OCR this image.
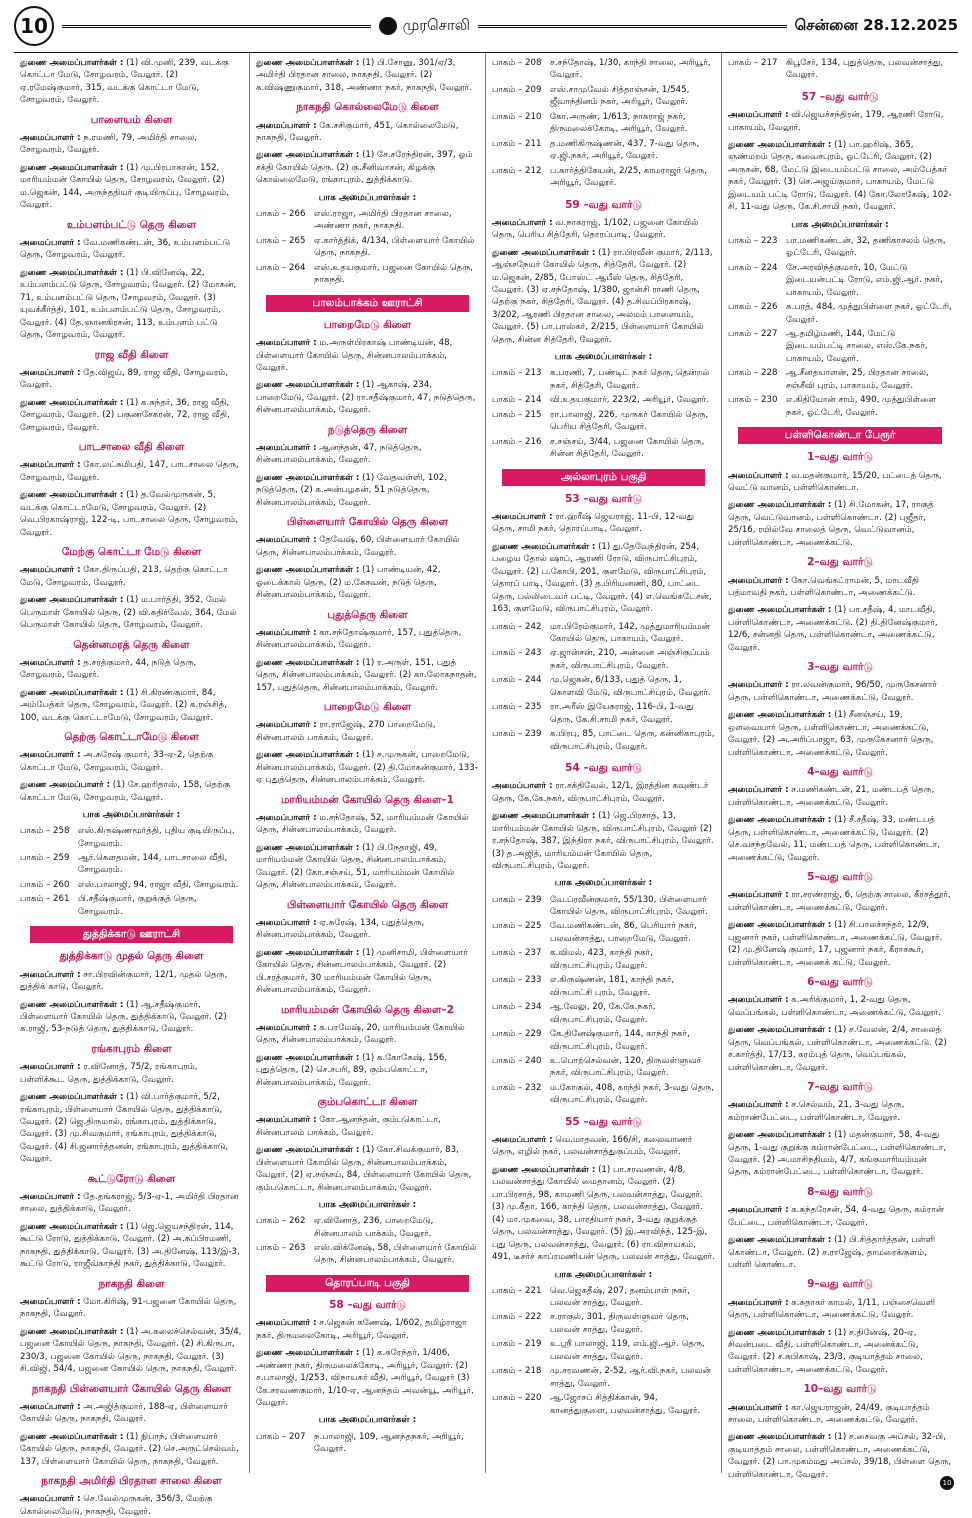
10	முரசொலி	சென்னை 28.12.2025
துணை அமைப்பாளர்கள் : (1) வி.முனி, 239, வடக்கு கொட்டா மேடு, சோழவரம், வேலூர். (2) ஏ.ரமேஷ்குமார், 315, வடக்கு கொட்டா மேடு, சோழவரம், வேலூர்.
பாளையம் கிளை
அமைப்பாளர் : ந.ரமணி, 79, அமிர்தி சாலை, சோழவரம், வேலூர்.
துணை அமைப்பாளர்கள் : (1) மு.பிரபாகரன், 152, மாரியம்மன் கோயில் தெரு, சோழவரம், வேலூர். (2) ம.ஜெகன், 144, அருந்ததியர் குடியிருப்பு, சோழவரம், வேலூர்.
உம்பளம்பட்டு தெரு கிளை
அமைப்பாளர் : வே.மணிகண்டன், 36, உம்பளம்பட்டு தெரு, சோழவரம், வேலூர்.
துணை அமைப்பாளர்கள் : (1) பி.வினேஷ், 22, உம்பளம்பட்டு தெரு, சோழவரம், வேலூர். (2) மோகன், 71, உம்பளம்பட்டு தெரு, சோழவரம், வேலூர். (3) யுவக்கீர்த்தி, 101, உம்பளம்பட்டு தெரு, சோழவரம், வேலூர். (4) தே.ஞானகிரசன், 113, உம்பளம் பட்டு தெரு, சோழவரம், வேலூர்.
ராஜ வீதி கிளை
அமைப்பாளர் : தே.விஜய், 89, ராஜ வீதி, சோழவரம், வேலூர்.
துணை அமைப்பாளர்கள் : (1) க.சுந்தர், 36, ராஜ வீதி, சோழவரம், வேலூர். (2) பகுணசேகரன், 72, ராஜ வீதி, சோழவரம், வேலூர்.
பாடசாலை வீதி கிளை
அமைப்பாளர் : கோ.லட்சுமிபதி, 147, பாடசாலை தெரு, சோழவரம், வேலூர்.
துணை அமைப்பாளர்கள் : (1) த.வேல்முருகன், 5, வடக்கு கொட்டாமேடு, சோழவரம், வேலூர். (2) வெ.பிரகாஷ்ராஜ், 122-டி, பாடசாலை தெரு, சோழவரம், வேலூர்.
மேற்கு கொட்டா மேடு கிளை
அமைப்பாளர் : கோ.திருப்பதி, 213, தெற்கு கொட்டா மேடு, சோழவரம், வேலூர்.
துணை அமைப்பாளர்கள் : (1) ம.பார்த்தி, 352, மேல் பெருமாள் கோயில் தெரு, (2) வி.கதிர்வேல், 364, மேல் பெருமாள் கோயில் தெரு, சோழவரம், வேலூர்.
தென்னமரத் தெரு கிளை
அமைப்பாளர் : த.சரத்குமார், 44, நடுத் தெரு, சோழவரம், வேலூர்.
துணை அமைப்பாளர்கள் : (1) சி.கிரண்குமார், 84, அம்பேத்கர் தெரு, சோழவரம், வேலூர். (2) க.ரஞ்சித், 100, வடக்கு கொட்டாமேடு, சோழவரம், வேலூர்.
தெற்கு கொட்டாமேடு கிளை
அமைப்பாளர் : அ.சுரேஷ் குமார், 33-ஏ-2, தெற்கு கொட்டா மேடு, சோழவரம், வேலூர்.
துணை அமைப்பாளர் : (1) சே.ஹரிதாஸ், 158, தெற்கு கொட்டா மேடு, சோழவரம், வேலூர்.
பாக அமைப்பாளர்கள் :
பாகம் – 258	எஸ்.கிருஷ்ணமூர்த்தி, புதிய குடியிருப்பு, சோழவரம்.
பாகம் – 259	ஆர்.கௌதமன், 144, பாடசாலை வீதி, சோழவரம்.
பாகம் – 260	எஸ்.பாலாஜி, 94, ராஜா வீதி, சோழவரம்.
பாகம் – 261	பி.சதீஷ்குமார், குறுக்குத் தெரு, சோழவரம்.
துத்திக்காடு ஊராட்சி
துத்திக்காடு முதல் தெரு கிளை
அமைப்பாளர் : சா.பிரவின்குமார், 12/1, முதல் தெரு, துத்திக் காடு, வேலூர்.
துணை அமைப்பாளர்கள் : (1) ஆ.சதீஷ்குமார், பிள்ளையார் கோயில் தெரு, துத்திக்காடு, வேலூர். (2) க.ராஜி, 53-நடுத் தெரு, துத்திக்காடு, வேலூர்.
ரங்காபுரம் கிளை
அமைப்பாளர் : ர.வினோத், 75/2, ரங்காபுரம், பள்ளிக்கூட தெரு, துத்திக்காடு, வேலூர்.
துணை அமைப்பாளர்கள் : (1) வி.பார்த்குமார், 5/2, ரங்காபுரம், பிள்ளையார் கோயில் தெரு, துத்திக்காடு, வேலூர். (2) ஜெ.திருமால், ரங்காபுரம், துத்திக்காடு, வேலூர். (3) மு.சிவகுமார், ரங்காபுரம், துத்திக்காடு, வேலூர். (4) சி.ஜனார்த்தனன், ரங்காபுரம், துத்திக்காடு, வேலூர்.
கூட்டுரோடு கிளை
அமைப்பாளர் : தே.தங்கராஜ், 5/3-ஏ-1, அமிர்தி பிரதான சாலை, துத்திக்காடு, வேலூர்.
துணை அமைப்பாளர்கள் : (1) ஜெ.ஜெயசந்திரன், 114, கூட்டு ரோடு, துத்திக்காடு, வேலூர். (2) அ.சுப்பிரமணி, நாகநதி, துத்திக்காடு, வேலூர். (3) அ.தினேஷ், 113/இ-3, கூட்டு ரோடு, ராஜீவ்காந்தி நகர், துத்திக்காடு, வேலூர்.
நாகநதி கிளை
அமைப்பாளர் : மோ.கிரிஷ், 91-பஜனை கோயில் தெரு, நாகநதி, வேலூர்.
துணை அமைப்பாளர்கள் : (1) அ.கலைச்செல்வன், 35/4, பஜனை கோயில் தெரு, நாகநதி, வேலூர். (2) சி.கிருபா, 230/3, பஜனை கோயில் தெரு, நாகநதி, வேலூர். (3) சி.விஜி, 54/4, பஜனை கோயில் தெரு, நாகநதி, வேலூர்.
நாகநதி பிள்ளையார் கோயில் தெரு கிளை
அமைப்பாளர் : அ.அஜித்குமார், 188-ஏ, பிள்ளையார் கோயில் தெரு, நாகநதி, வேலூர்.
துணை அமைப்பாளர்கள் : (1) நிபாந், பிள்ளையார் கோயில் தெரு, நாகநதி, வேலூர். (2) செ.அருட்செல்வம், 137, பிள்ளையார் கோயில் தெரு, நாகநதி, வேலூர்.
நாகநதி அமிர்தி பிரதான சாலை கிளை
அமைப்பாளர் : செ.வேல்முருகன், 356/3, மேற்கு கொல்லைமேடு, நாகநதி, வேலூர்.
துணை அமைப்பாளர்கள் : (1) பி.சோனு, 301/ஏ/3, அமிர்தி பிரதான சாலை, நாகநதி, வேலூர். (2) க.விஷ்ணுகுமார், 318, அண்ணா நகர், நாகநதி, வேலூர்.
நாகநதி கொல்லைமேடு கிளை
அமைப்பாளர் : கே.சசிகுமார், 451, கொல்லைமேடு, நாகநதி, வேலூர்.
துணை அமைப்பாளர்கள் : (1) சே.சரேந்திரன், 397, ஓம் சக்தி கோயில் தெரு. (2) கு.சீனிவாசன், கிழக்கு கொல்லைமேடு, ரங்காபுரம், துத்திக்காடு.
பாக அமைப்பாளர்கள் :
பாகம் – 266	எஸ்.ராஜா, அமிர்தி பிரதான சாலை, அண்ணா நகர், நாகநதி.
பாகம் – 265	ஏ.கார்த்திக், 4/134, பிள்ளையார் கோயில் தெரு, நாகநதி.
பாகம் – 264	எஸ்.உதயகுமார், பஜனை கோயில் தெரு, நாகநதி.
பாலம்பாக்கம் ஊராட்சி
பாறைமேடு கிளை
அமைப்பாளர் : ம.அருள்பிரகாஷ் பாண்டியன், 48, பிள்ளையார் கோயில் தெரு, சின்னபாலம்பாக்கம், வேலூர்.
துணை அமைப்பாளர்கள் : (1) ஆகாஷ், 234, பாறைமேடு, வேலூர். (2) ரா.சதீஷ்குமார், 47, நடுத்தெரு, சின்னபாலம்பாக்கம், வேலூர்.
நடுத்தெரு கிளை
அமைப்பாளர் : ஆனந்தன், 47, நடுத்தெரு, சின்னபாலம்பாக்கம், வேலூர்.
துணை அமைப்பாளர்கள் : (1) வேதவள்ளி, 102, நடுத்தெரு, (2) க.அன்பழகன், 51 நடுத்தெரு, சின்னபாலம்பாக்கம், வேலூர்.
பிள்ளையார் கோயில் தெரு கிளை
அமைப்பாளர் : தேவேஷ், 60, பிள்ளையார் கோயில் தெரு, சின்னபாலம்பாக்கம், வேலூர்.
துணை அமைப்பாளர்கள் : (1) பாண்டியன், 42, ஓடைக்கால் தெரு, (2) ம.கேசவன், நடுத் தெரு, சின்னபாலம்பாக்கம், வேலூர்.
புதுத்தெரு கிளை
அமைப்பாளர் : கா.சந்தோஷ்குமார், 157, புதுத்தெரு, சின்னபாலம்பாக்கம், வேலூர்.
துணை அமைப்பாளர்கள் : (1) ர.அருள், 151, புதுத் தெரு, சின்னபாலம்பாக்கம், வேலூர். (2) கா.லோகநாதன், 157, புதுத்தெரு, சின்னபாலம்பாக்கம், வேலூர்.
பாறைமேடு கிளை
அமைப்பாளர் : ரா.ராஜேஷ், 270 பாறைமேடு, சின்னபாலம் பாக்கம், வேலூர்.
துணை அமைப்பாளர்கள் : (1) ச.முருகன், பாறைமேடு, சின்னபாலம்பாக்கம், வேலூர். (2) தி.மோகன்குமார், 133-ஏ புதுத்தெரு, சின்னபாலம்பாக்கம், வேலூர்.
மாரியம்மன் கோயில் தெரு கிளை–1
அமைப்பாளர் : ம.சந்தோஷ், 52, மாரியம்மன் கோயில் தெரு, சின்னபாலம்பாக்கம், வேலூர்.
துணை அமைப்பாளர்கள் : (1) பி.நேதாஜி, 49, மாரியம்மன் கோயில் தெரு, சின்னபாலம்பாக்கம், வேலூர். (2) கோ.சஞ்சய், 51, மாரியம்மன் கோயில் தெரு, சின்னபாலம்பாக்கம், வேலூர்.
பிள்ளையார் கோயில் தெரு கிளை
அமைப்பாளர் : ஏ.சுரேஷ், 134, புதுத்தெரு, சின்னபாலம்பாக்கம், வேலூர்.
துணை அமைப்பாளர்கள் : (1) முனிசாமி, பிள்ளையார் கோயில் தெரு, சின்னபாலம்பாக்கம், வேலூர். (2) பி.சரத்குமார், 30 மாரியம்மன் கோயில் தெரு, சின்னபாலம்பாக்கம், வேலூர்.
மாரியம்மன் கோயில் தெரு கிளை–2
அமைப்பாளர் : க.பரமேஷ், 20, மாரியம்மன் கோயில் தெரு, சின்னபாலம்பாக்கம், வேலூர்.
துணை அமைப்பாளர்கள் : (1) க.கோகேஷ், 156, புதுத்தெரு, (2) செ.சபரி, 89, கும்பகொட்டா, சின்னபாலம்பாக்கம், வேலூர்.
கும்பகொட்டா கிளை
அமைப்பாளர் : கோ.ஆனந்தன், கும்பகொட்டா, சின்னபாலம் பாக்கம், வேலூர்.
துணை அமைப்பாளர்கள் : (1) கோ.சிவக்குமார், 83, பிள்ளையார் கோயில் தெரு, சின்னபாலம்பாக்கம், வேலூர். (2) ஏ.சஞ்சய், 84, பிள்ளையார் கோயில் தெரு, கும்பகொட்டா, சின்னபாலம்பாக்கம், வேலூர்.
பாக அமைப்பாளர்கள் :
பாகம் – 262	ஏ.வினோத், 236, பாறைமேடு, சின்னபாலம் பாக்கம், வேலூர்.
பாகம் – 263	எஸ்.விக்னேஷ், 58, பிள்ளையார் கோயில் தெரு, சின்னபாலம்பாக்கம், வேலூர்.
தொரப்பாடி பகுதி
58 –வது வார்டு
அமைப்பாளர் : ச.ஜெகன் கணேஷ், 1/602, தமிழ்ராஜா நகர், திருமலைகோடி, அரியூர், வேலூர்.
துணை அமைப்பாளர்கள் : (1) க.சுரேந்தர், 1/406, அண்ணா நகர், திருமலைக்கோடி, அரியூர், வேலூர். (2) ச.பாலாஜி, 1/253, விநாயகர் வீதி, அரியூர், வேலூர் (3) கே.சரவணகுமார், 1/10-ஏ, ஆனந்தம் அவன்யூ, அரியூர், வேலூர்.
பாக அமைப்பாளர்கள் :
பாகம் – 207	ந.பாலாஜி, 109, ஆனந்தநகர், அரியூர், வேலூர்.
பாகம் – 208	ச.சந்தோஷ், 1/30, காந்தி சாலை, அரியூர், வேலூர்.
பாகம் – 209	எஸ்.சாமுவேல் சித்தாஞ்சன், 1/545, ஜீவாந்தினம் நகர், அரியூர், வேலூர்.
பாகம் – 210	கோ.அருண், 1/613, நாகராஜ் நகர், திருமலைக்கோடி, அரியூர், வேலூர்.
பாகம் – 211	த.மணிகிருஷ்ணன், 437, 7-வது தெரு, ஏ.ஜி.நகர், அரியூர், வேலூர்.
பாகம் – 212	ப.கார்த்திகேயன், 2/25, காமராஜர் தெரு, அரியூர், வேலூர்.
59 –வது வார்டு
அமைப்பாளர் : வ.நாகராஜ், 1/102, பஜனை கோயில் தெரு, பெரிய சித்தேரி, தொரப்பாடி, வேலூர்.
துணை அமைப்பாளர்கள் : (1) ரா.பிரவீன் குமார், 2/113, ஆஞ்சநேயர் கோயில் தெரு, சித்தேரி, வேலூர். (2) ம.ஜெகன், 2/85, போஸ்ட் ஆபீஸ் தெரு, சித்தேரி, வேலூர். (3) ஏ.சந்தோஷ், 1/380, ஜான்சி ராணி தெரு, தெற்கு நகர், சித்தேரி, வேலூர். (4) த.சிவப்பிரகாஷ், 3/202, ஆரணி பிரதான சாலை, அலமம் பாளையம், வேலூர். (5) பா.பாஸ்கர், 2/215, பிள்ளையார் கோயில் தெரு, சின்ன சித்தேரி, வேலூர்.
பாக அமைப்பாளர்கள் :
பாகம் – 213	க.பரணி, 7, பண்டிட் நகர் தெரு, தென்றல் நகர், சித்தேரி, வேலூர்.
பாகம் – 214	வி.உதயகுமார், 223/2, அரியூர், வேலூர்.
பாகம் – 215	ரா.பாலாஜி, 226, முருகர் கோயில் தெரு, பெரிய சித்தேரி, வேலூர்.
பாகம் – 216	ச.சஞ்சய், 3/44, பஜனை கோயில் தெரு, சின்ன சித்தேரி, வேலூர்.
அல்லாபுரம் பகுதி
53 –வது வார்டு
அமைப்பாளர் : ரா.ஹரீஷ் ஜெயராஜ், 11-பி, 12-வது தெரு, சாமி நகர், தொரப்பாடி, வேலூர்.
துணை அமைப்பாளர்கள் : (1) து.தேவேந்திரன், 254, பழைய தோல் ஷாப், ஆரணி ரோடு, விருபாட்சிபுரம், வேலூர். (2) ப.கோபி, 201, குளமேடு, விருபாட்சிபுரம், தொரப் பாடி, வேலூர். (3) த.பிரியனணி, 80, பாட்டை தெரு, பல்லிடைவர் பட்டி, வேலூர். (4) எ.வெங்கடேசன், 163, குளமேடு, விருபாட்சிபுரம், வேலூர்.
பாகம் – 242	மா.பிரேம்குமார், 142, முத்துமாரியம்மன் கோயில் தெரு, பாகாயம், வேலூர்.
பாகம் – 243	ஏ.ஜான்சன், 210, அன்னை அஞ்சிகுப்பம் நகர், விருபாட்சிபுரம், வேலூர்.
பாகம் – 244	மு.ஜெகன், 6/133, புதுத் தெரு, 1, கொளவி மேடு, விருபாட்சிபுரம், வேலூர்.
பாகம் – 235	ரா.அரீஸ் இயேசுராஜ், 116-பி, 1-வது தெரு, கே.சி.சாமி நகர், வேலூர்.
பாகம் – 239	க.பிரபு, 85, பாட்டை தெரு, கன்னிகாபுரம், விருபாட்சிபுரம், வேலூர்.
54 –வது வார்டு
அமைப்பாளர் : ரா.சக்திவேல், 12/1, இரத்தின கவுண்டர் தெரு, கே.கே.நகர், விருபாட்சிபுரம், வேலூர்.
துணை அமைப்பாளர்கள் : (1) ஜெ.பிரசாத், 13, மாரியம்மன் கோயில் தெரு, விருபாட்சிபுரம், வேலூர் (2) ர.சந்தோஷ், 387, இந்திரா நகர், விருபாட்சிபுரம், வேலூர். (3) த.அஜித், மாரியம்மன் கோயில் தெரு, விருபாட்சிபுரம், வேலூர்.
பாக அமைப்பாளர்கள் :
பாகம் – 239	வே.ப்ரவீன்குமார், 55/130, பிள்ளையார் கோயில் தெரு, விருபாட்சிபுரம், வேலூர்.
பாகம் – 225	வே.மணிகண்டன், 86, பெரியார் நகர், பலவன்சாத்து, பாறைமேடு, வேலூர்.
பாகம் – 237	க.விமல், 423, காந்தி நகர், விருபாட்சிபுரம், வேலூர்.
பாகம் – 233	எ.கிருஷ்ணன், 181, காந்தி நகர், விருபாட்சி புரம், வேலூர்.
பாகம் – 234	ஆ.வேலு, 20, கே.கே.நகர், விருபாட்சிபுரம், வேலூர்.
பாகம் – 229	கே.தினேஷ்குமார், 144, காந்தி நகர், விருபாட்சிபுரம், வேலூர்.
பாகம் – 240	உ.பொற்செல்வன், 120, திருவள்ளுவர் நகர், விருபாட்சிபுரம், வேலூர்.
பாகம் – 232	ம.கோகுல், 408, காந்தி நகர், 3-வது தெரு, விருபாட்சிபுரம், வேலூர்.
55 –வது வார்டு
அமைப்பாளர் : வெ.மாதவன், 166/சி, கலைவாணர் தெரு, எழில் நகர், பலவன்சாத்துகுப்பம், வேலூர்.
துணை அமைப்பாளர்கள் : (1) பா.சரவணன், 4/8, பலவன்சாத்து கோயில் மைதானம், வேலூர். (2) பா.பிரசாத், 98, காமணி தெரு, பலவன்சாத்து, வேலூர். (3) மு.கீதா, 166, காந்தி தெரு, பலவன்சாத்து, வேலூர். (4) மா.முகவை, 38, பாரதியார் நகர், 3-வது குறுக்குத் தெரு, பலவன்சாத்து, வேலூர். (5) இ.அரவிந்த், 125-இ, புது தெரு, பலவன்சாத்து, வேலூர். (6) ரா.விநாயகம், 491, டீசர்ச் காப்ரமணியன் தெரு, பலவன் சாத்து, வேலூர்.
பாக அமைப்பாளர்கள் :
பாகம் – 221	வெ.ஜெகதீஷ், 207, தனம்பாள் நகர், பலவன் சாத்து, வேலூர்.
பாகம் – 222	ச.ராகுல், 301, திருவள்ளுவர் தெரு, பலவன் சாத்து, வேலூர்.
பாகம் – 219	உ.ஸ்ரீ பாலாஜி, 119, எம்.ஜி.ஆர். தெரு, பலவன் சாத்து, வேலூர்.
பாகம் – 218	மு.சரவணன், 2-52, ஆர்.வி.நகர், பலவன் சாத்து, வேலூர்.
பாகம் – 220	ஆ.ஜோசப் சித்திக்கான், 94, கானத்துகுளை, பலவன்சாத்து, வேலூர்.
பாகம் – 217	கிபூசேர், 134, புதுத்தெரு, பலவன்சாத்து, வேலூர்.
57 –வது வார்டு
அமைப்பாளர் : வி.ஜெயச்சந்திரன், 179, ஆரணி ரோடு, பாகாயம், வேலூர்.
துணை அமைப்பாளர்கள் : (1) பா.ஹரிஷ், 365, ஞண்மறம் தெரு, சுவைசபுரம், ஓட்டேரி, வேலூர். (2) அருகன், 68, மேட்டு இடையம்பட்டு சாலை, அம்பேத்கர் நகர், வேலூர். (3) செ.அஜய்குமார், பாகாயம், மேட்டு இடையம் பட்டி ரோடு, வேலூர். (4) கோ.லோகேஷ், 102-சி, 11-வது தெரு, கே.சி.சாமி நகர், வேலூர்.
பாக அமைப்பாளர்கள் :
பாகம் – 223	பா.மணிகண்டன், 32, தணிகாசலம் தெரு, ஓட்டேரி, வேலூர்.
பாகம் – 224	சே.அரவிந்த்குமார், 10, மேட்டு இடையன்பட்டி ரோடு, எம்.ஜி.ஆர். நகர், பாகாயம், வேலூர்.
பாகம் – 226	சு.பரத், 484, முத்துபிள்ளை நகர், ஓட்டேரி, வேலூர்.
பாகம் – 227	ஆ.தமிழ்மணி, 144, மேட்டு இடையம்பட்டி சாலை, எஸ்.கே.நகர், பாகாயம், வேலூர்.
பாகம் – 228	ஆ.சீனதயாளன், 25, பிரதான சாலை, சஞ்சீவி புரம், பாகாயம், வேலூர்.
பாகம் – 230	எ.கிதியோன் சாம், 490, முத்துபிள்ளை நகர், ஓட்டேரி, வேலூர்.
பள்ளிகொண்டா பேரூர்
1–வது வார்டு
அமைப்பாளர் : வ.மதன்குமார், 15/20, பட்டைத் தெரு, வெட்டு வானம், பள்ளிகொண்டா.
துணை அமைப்பாளர்கள் : (1) சி.மோகன், 17, ராகுத் தெரு, வெட்டுவானம், பள்ளிகொண்டா. (2) புஜீதர், 25/16, ரயில்வே சாலைத் தெரு, வெட்டுவானம், பள்ளிகொண்டா, அணைக்கட்டு.
2–வது வார்டு
அமைப்பாளர் : கோ.வெங்கட்ராமன், 5, மாடவீதி பத்மாவதி நகர், பள்ளிகொண்டா, அணைக்கட்டு.
துணை அமைப்பாளர்கள் : (1) பா.சதீஷ், 4, மாடவீதி, பள்ளிகொண்டா, அணைக்கட்டு. (2) தி.தினேஷ்குமார், 12/6, சன்னதி தெரு, பள்ளிகொண்டா, அணைக்கட்டு, வேலூர்.
3–வது வார்டு
அமைப்பாளர் : ரா.லவன்குமார், 96/50, முருகேசனார் தெரு, பள்ளிகொண்டா, அணைக்கட்டு, வேலூர்.
துணை அமைப்பாளர்கள் : (1) சீனஞ்சய், 19, ஒளவையார் தெரு, பள்ளிகொண்டா, அணைக்கட்டு, வேலூர். (2) அ.அரிப்பாஜா, 63, முருகேசனார் தெரு, பள்ளிகொண்டா, அணைக்கட்டு, வேலூர்.
4–வது வார்டு
அமைப்பாளர் : ச.மணிகண்டன், 21, மண்டபத் தெரு, பள்ளிகொண்டா, அணைக்கட்டு, வேலூர்.
துணை அமைப்பாளர்கள் : (1) சீ.சதீஷ், 33, மண்டபத் தெரு, பள்ளிகொண்டா, அணைக்கட்டு, வேலூர். (2) செ.வசந்தவேல், 11, மண்டபத் தெரு, பள்ளிகொண்டா, அணைக்கட்டு, வேலூர்.
5–வது வார்டு
அமைப்பாளர் : ரா.சரண்ராஜ், 6, தெற்கு சாலை, கீரசத்தூர், பள்ளிகொண்டா, அணைக்கட்டு, வேலூர்.
துணை அமைப்பாளர்கள் : (1) சி.பாலச்சந்தர், 12/9, புஜனார் நகர், பள்ளிகொண்டா, அணைக்கட்டு, வேலூர். (2) மு.தினேஷ் குமார், 17, புஜனார் நகர், கீராசகூர், பள்ளிகொண்டா, அணைக் கட்டு, வேலூர்.
6–வது வார்டு
அமைப்பாளர் : க.அரிக்குமார், 1, 2-வது தெரு, வெப்பங்கல், பள்ளிகொண்டா, அணைக்கட்டு, வேலூர்.
துணை அமைப்பாளர்கள் : (1) ச.வேலன், 2/4, சாலைத் தெரு, வெப்பங்கல், பள்ளிகொண்டா, அணைக்கட்டு. (2) ச.கார்த்தி, 17/13, கரம்புத் தெரு, வெப்பங்கல், பள்ளிகொண்டா, வேலூர்.
7–வது வார்டு
அமைப்பாளர் : ச.செல்வம், 21, 3-வது தெரு, கம்ராண்பேட்டை, பள்ளிகொண்டா, வேலூர்.
துணை அமைப்பாளர்கள் : (1) மதன்குமார், 58, 4-வது தெரு, 1-வது குறுக்கு கம்ரான்பேட்டை, பள்ளிகொண்டா, வேலூர். (2) அ.மாசிநதிமம், 4/7, கங்குமாரியம்மன் தெரு, கம்ரான்பேட்டை, பள்ளிகொண்டா, வேலூர்.
8–வது வார்டு
அமைப்பாளர் : க.சுந்தரேசன், 54, 4-வது தெரு, கம்ரான் பேட்டை, பள்ளிகொண்டா, வேலூர்.
துணை அமைப்பாளர்கள் : (1) பி.சித்தார்த்தன், பள்ளி கொண்டா, வேலூர். (2) ச.ராஜேஷ், தாமரைக்குளம், பள்ளி கொண்டா.
9–வது வார்டு
அமைப்பாளர் : க.சுதாகர் காமல், 1/11, பஞ்சைவெளி தெரு, பள்ளிகொண்டா, அணைக்கட்டு, வேலூர்.
துணை அமைப்பாளர்கள் : (1) ச.தினேஷ், 20-ஏ, சிவன்படை வீதி, பள்ளிகொண்டா, அனைக்கட்டு, வேலூர். (2) ச.சுபிகாஷ், 23/3, குடியாத்தம் சாலை, பள்ளிகொண்டா, அணைக்கட்டு, வேலூர்.
10–வது வார்டு
அமைப்பாளர் : கா.ஜெயராஜன், 24/49, குடியாத்தம் சாலை, பள்ளிகொண்டா, அணைக்கட்டு, வேலூர்.
துணை அமைப்பாளர்கள் : (1) ச.சைவகு அப்சல், 32-பி, குடியாத்தம் சாலை, பள்ளிகொண்டா, அணைக்கட்டு, வேலூர். (2) பா.முகம்மது அப்சல், 39/18, பிள்ளை தெரு, பள்ளிகொண்டா, வேலூர்.
10
